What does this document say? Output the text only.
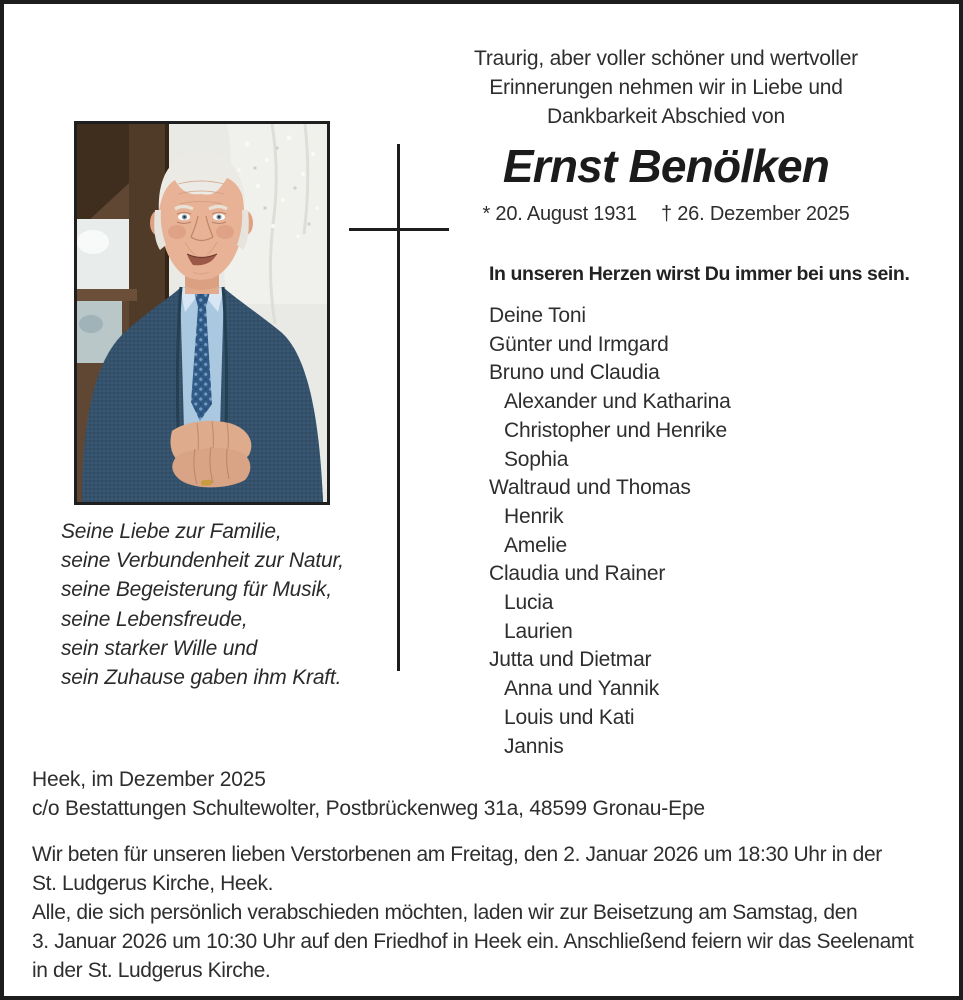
Traurig, aber voller schöner und wertvoller
Erinnerungen nehmen wir in Liebe und
Dankbarkeit Abschied von
Ernst Benölken
* 20. August 1931 † 26. Dezember 2025
In unseren Herzen wirst Du immer bei uns sein.
Deine Toni
Günter und Irmgard
Bruno und Claudia
Alexander und Katharina
Christopher und Henrike
Sophia
Waltraud und Thomas
Henrik
Amelie
Claudia und Rainer
Lucia
Laurien
Jutta und Dietmar
Anna und Yannik
Louis und Kati
Jannis
Seine Liebe zur Familie,
seine Verbundenheit zur Natur,
seine Begeisterung für Musik,
seine Lebensfreude,
sein starker Wille und
sein Zuhause gaben ihm Kraft.
Heek, im Dezember 2025
c/o Bestattungen Schultewolter, Postbrückenweg 31a, 48599 Gronau-Epe
Wir beten für unseren lieben Verstorbenen am Freitag, den 2. Januar 2026 um 18:30 Uhr in der
St. Ludgerus Kirche, Heek.
Alle, die sich persönlich verabschieden möchten, laden wir zur Beisetzung am Samstag, den
3. Januar 2026 um 10:30 Uhr auf den Friedhof in Heek ein. Anschließend feiern wir das Seelenamt
in der St. Ludgerus Kirche.
